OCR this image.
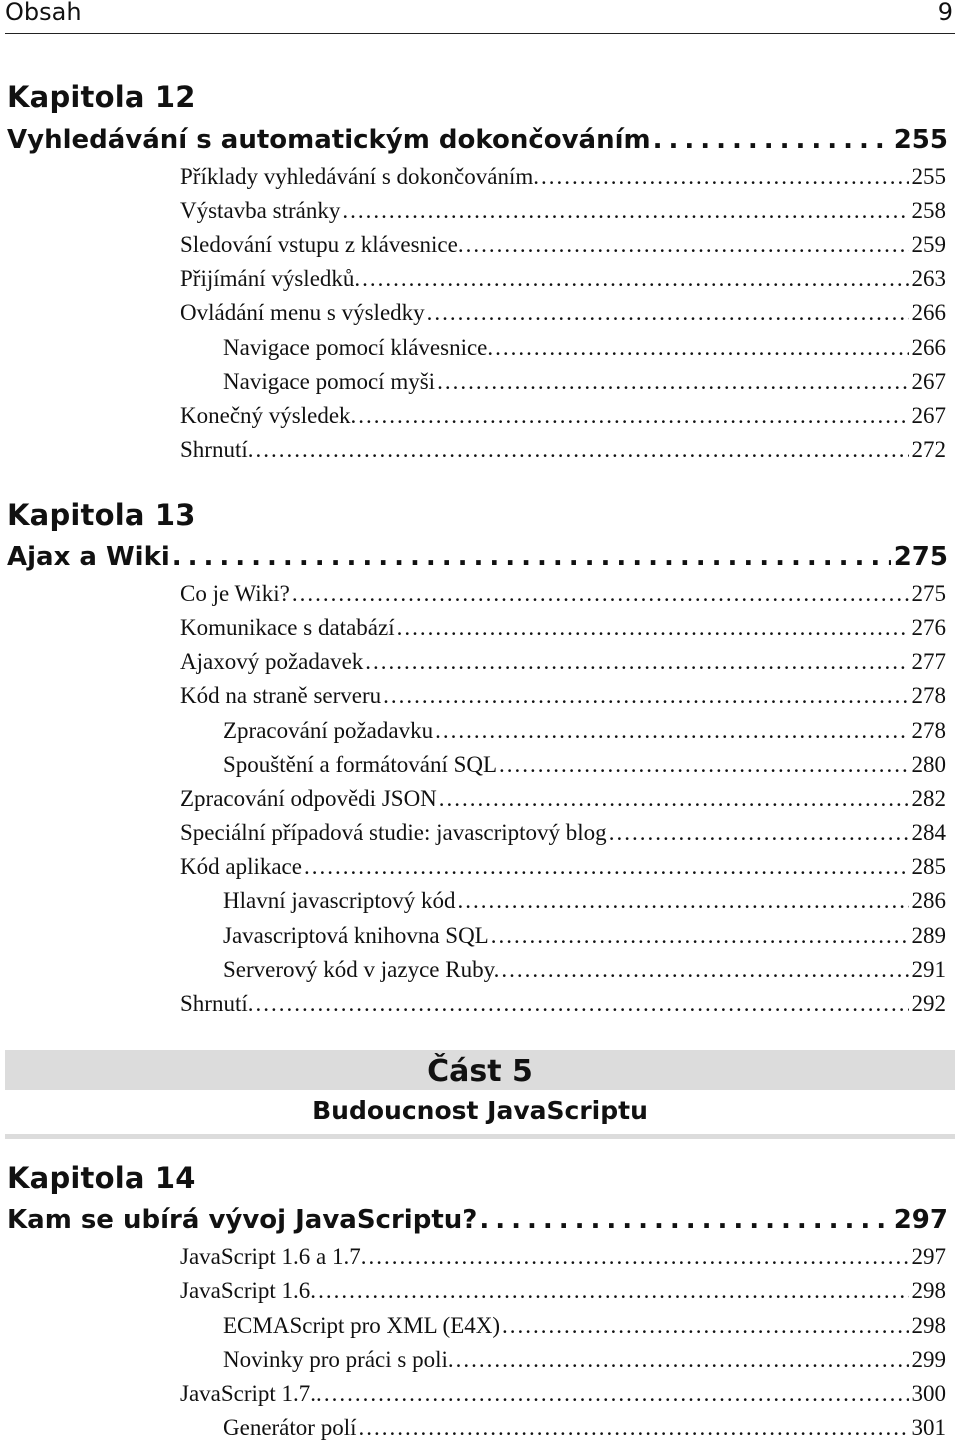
Obsah	9
Kapitola 12
Vyhledávání s automatickým dokončováním .....	255
Příklady vyhledávání s dokončováním. .....	255
Výstavba stránky .....	258
Sledování vstupu z klávesnice. .....	259
Přijímání výsledků. .....	263
Ovládání menu s výsledky .....	266
Navigace pomocí klávesnice. .....	266
Navigace pomocí myši .....	267
Konečný výsledek. .....	267
Shrnutí. .....	272
Kapitola 13
Ajax a Wiki .....	275
Co je Wiki? .....	275
Komunikace s databází .....	276
Ajaxový požadavek .....	277
Kód na straně serveru .....	278
Zpracování požadavku .....	278
Spouštění a formátování SQL .....	280
Zpracování odpovědi JSON .....	282
Speciální případová studie: javascriptový blog .....	284
Kód aplikace .....	285
Hlavní javascriptový kód .....	286
Javascriptová knihovna SQL .....	289
Serverový kód v jazyce Ruby. .....	291
Shrnutí. .....	292
Část 5
Budoucnost JavaScriptu
Kapitola 14
Kam se ubírá vývoj JavaScriptu? .....	297
JavaScript 1.6 a 1.7. .....	297
JavaScript 1.6. .....	298
ECMAScript pro XML (E4X) .....	298
Novinky pro práci s poli. .....	299
JavaScript 1.7.. .....	300
Generátor polí .....	301
